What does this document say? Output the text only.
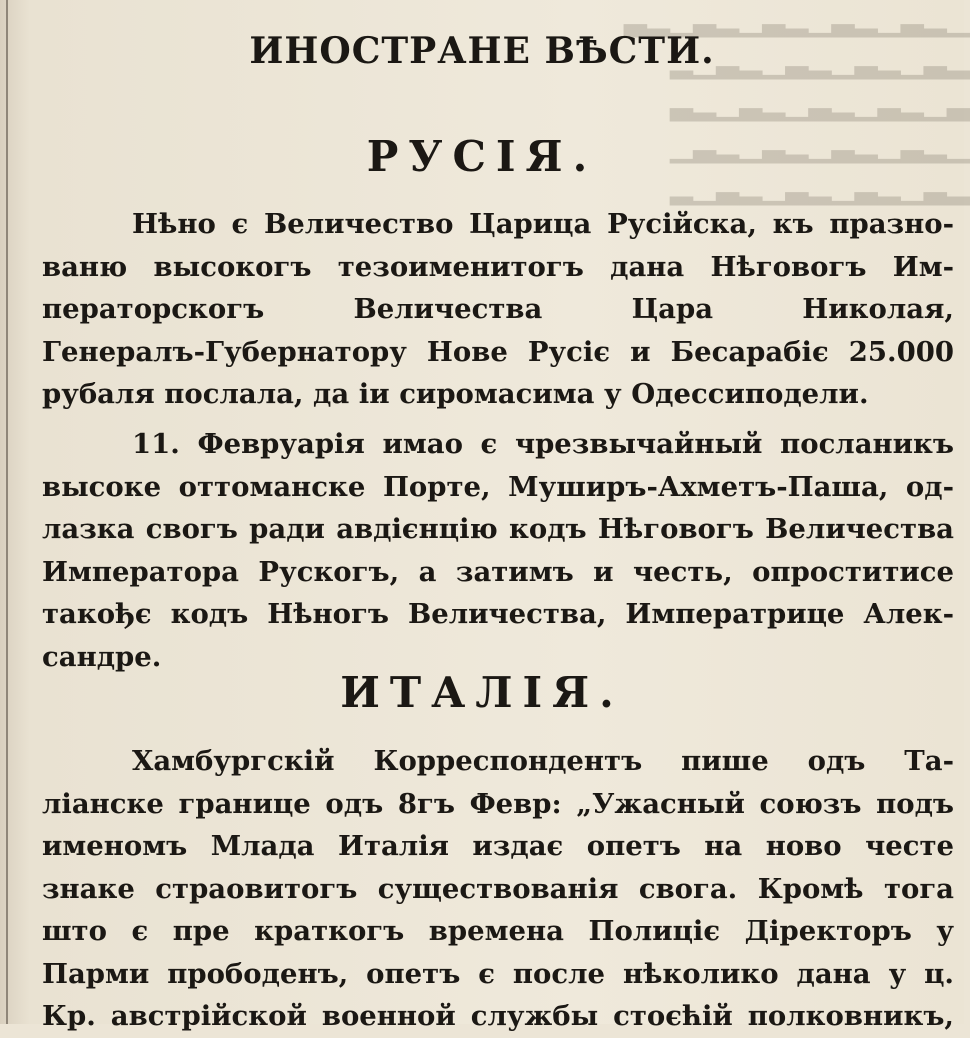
▁▂▃▁▂▃▁▂▃▁▂▃▁▂▃
▂▃▁▂▃▁▂▃▁▂▃▁▂
▃▁▂▃▁▂▃▁▂▃▁▂▃
▁▂▃▁▂▃▁▂▃▁▂▃▁
▂▃▁▂▃▁▂▃▁▂▃▁▂
ИНОСТРАНЕ ВѢСТИ.
РУСІЯ.
Нѣно є Величество Царица Русійска, къ празно-
ваню высокогъ тезоименитогъ дана Нѣговогъ Им-
ператорскогъ Величества Цара Николая,
Генералъ-Губернатору Нове Русіє и Бесарабіє 25.000
рубаля послала, да іи сиромасима у Одессиподели.
11. Февруарія имао є чрезвычайный посланикъ
высоке оттоманске Порте, Муширъ-Ахметъ-Паша, од-
лазка свогъ ради авдієнцію кодъ Нѣговогъ Величества
Императора Рускогъ, а затимъ и честь, опроститисе
такођє кодъ Нѣногъ Величества, Императрице Алек-
сандре.
ИТАЛІЯ.
Хамбургскій Корреспондентъ пише одъ Та-
ліанске границе одъ 8гъ Февр: „Ужасный союзъ подъ
именомъ Млада Италія издає опетъ на ново честе
знаке страовитогъ существованія свога. Кромѣ тога
што є пре краткогъ времена Полиціє Діректоръ у
Парми прободенъ, опетъ є после нѣколико дана у ц.
Кр. австрійской военной службы стоєћій полковникъ,
